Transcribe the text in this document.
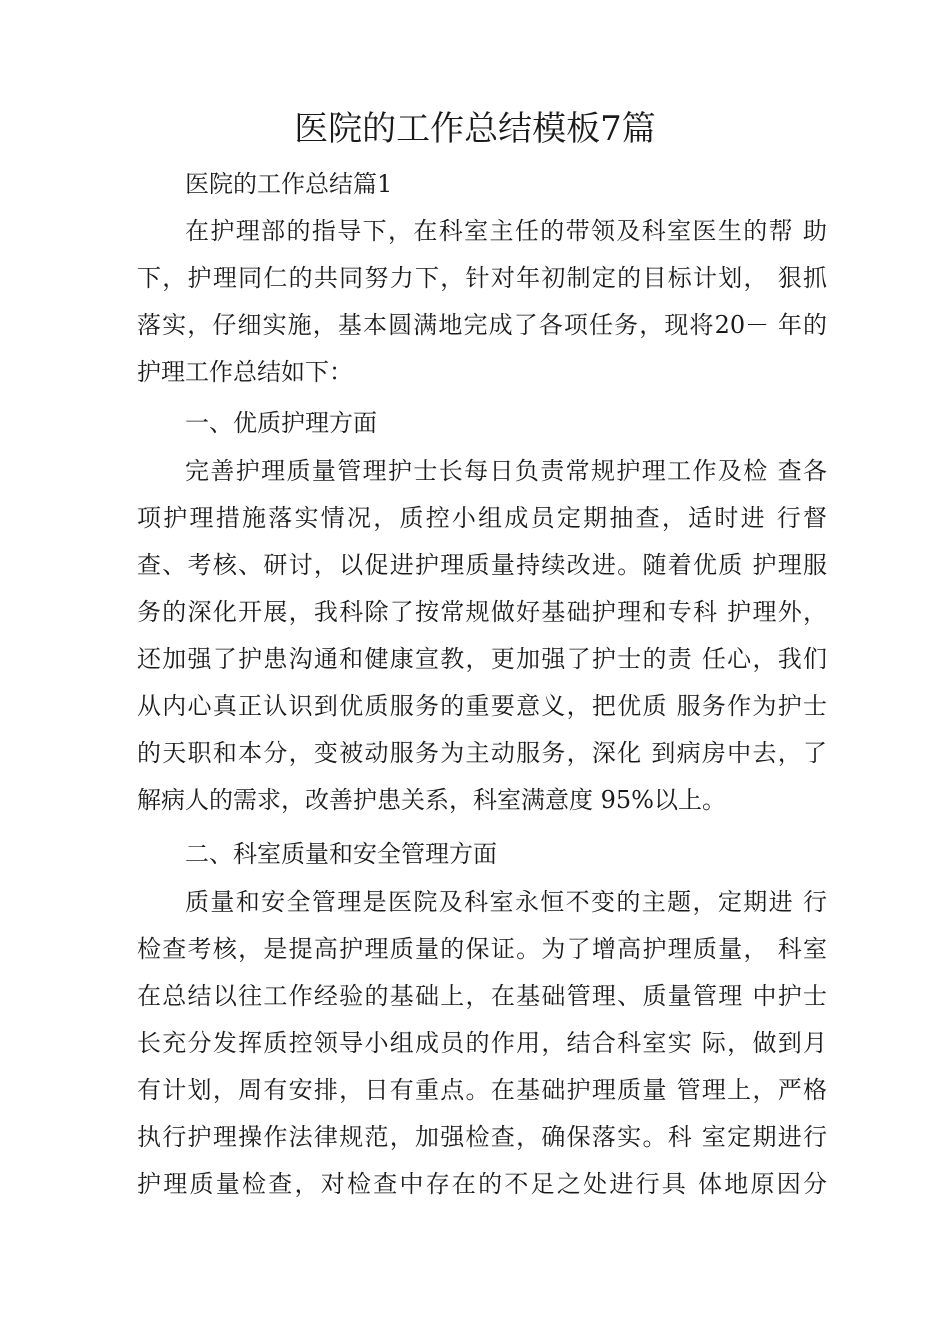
医院的工作总结模板7篇

医院的工作总结篇1

在护理部的指导下，在科室主任的带领及科室医生的帮 助

下，护理同仁的共同努力下，针对年初制定的目标计划， 狠抓

落实，仔细实施，基本圆满地完成了各项任务，现将20－ 年的

护理工作总结如下：

一、优质护理方面

完善护理质量管理护士长每日负责常规护理工作及检 查各

项护理措施落实情况，质控小组成员定期抽查，适时进 行督

查、考核、研讨，以促进护理质量持续改进。随着优质 护理服

务的深化开展，我科除了按常规做好基础护理和专科 护理外，

还加强了护患沟通和健康宣教，更加强了护士的责 任心，我们

从内心真正认识到优质服务的重要意义，把优质 服务作为护士

的天职和本分，变被动服务为主动服务，深化 到病房中去，了

解病人的需求，改善护患关系，科室满意度 95%以上。

二、科室质量和安全管理方面

质量和安全管理是医院及科室永恒不变的主题，定期进 行

检查考核，是提高护理质量的保证。为了增高护理质量， 科室

在总结以往工作经验的基础上，在基础管理、质量管理 中护士

长充分发挥质控领导小组成员的作用，结合科室实 际，做到月

有计划，周有安排，日有重点。在基础护理质量 管理上，严格

执行护理操作法律规范，加强检查，确保落实。科 室定期进行

护理质量检查，对检查中存在的不足之处进行具 体地原因分
